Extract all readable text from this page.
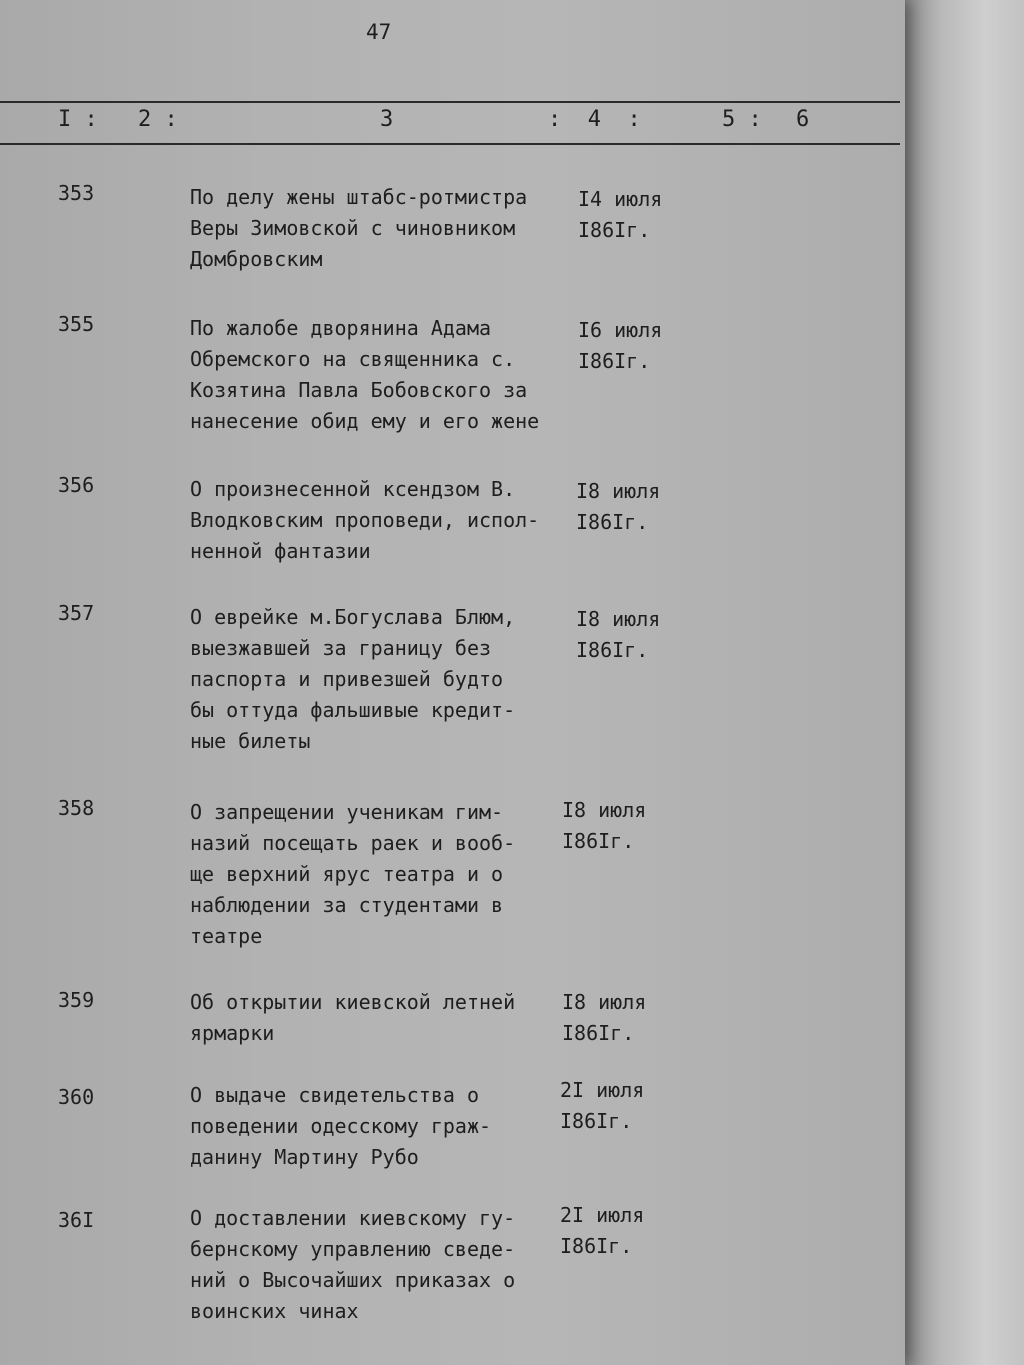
47
I : 2 :	3	:  4  :	5 : 6
353	По делу жены штабс-ротмистра
Веры Зимовской с чиновником
Домбровским
I4 июля
I86Iг.
355	По жалобе дворянина Адама
Обремского на священника с.
Козятина Павла Бобовского за
нанесение обид ему и его жене
I6 июля
I86Iг.
356	О произнесенной ксендзом В.
Влодковским проповеди, испол-
ненной фантазии
I8 июля
I86Iг.
357	О еврейке м.Богуслава Блюм,
выезжавшей за границу без
паспорта и привезшей будто
бы оттуда фальшивые кредит-
ные билеты
I8 июля
I86Iг.
358	О запрещении ученикам гим-
назий посещать раек и вооб-
ще верхний ярус театра и о
наблюдении за студентами в
театре
I8 июля
I86Iг.
359	Об открытии киевской летней
ярмарки
I8 июля
I86Iг.
360	О выдаче свидетельства о
поведении одесскому граж-
данину Мартину Рубо
2I июля
I86Iг.
36I	О доставлении киевскому гу-
бернскому управлению сведе-
ний о Высочайших приказах о
воинских чинах
2I июля
I86Iг.
